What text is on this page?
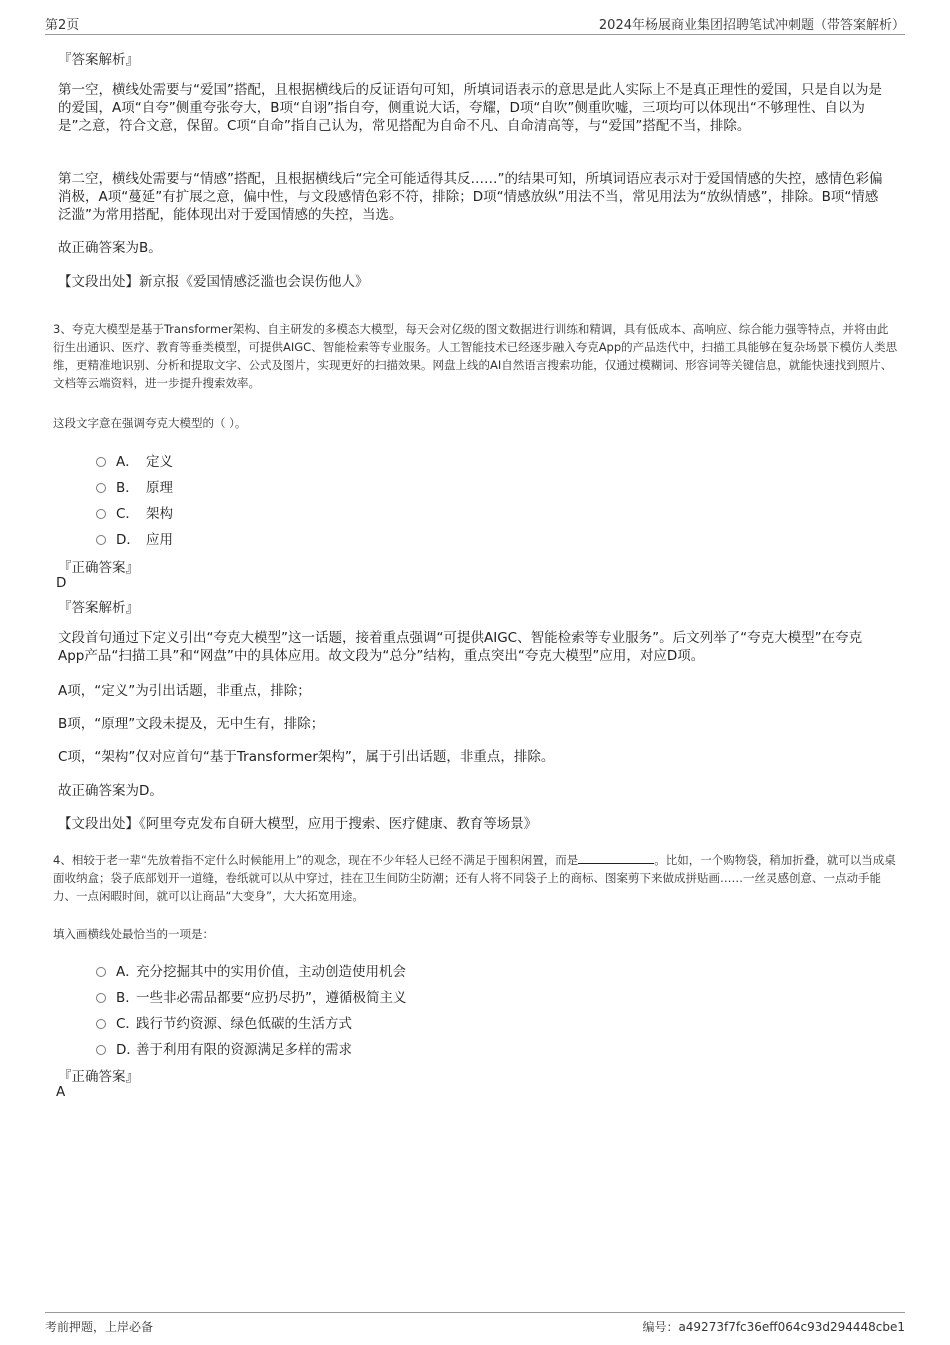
第2页	2024年杨展商业集团招聘笔试冲刺题（带答案解析）
『答案解析』
第一空，横线处需要与“爱国”搭配，且根据横线后的反证语句可知，所填词语表示的意思是此人实际上不是真正理性的爱国，只是自以为是的爱国，A项“自夸”侧重夸张夸大，B项“自诩”指自夸，侧重说大话，夸耀，D项“自吹”侧重吹嘘，三项均可以体现出“不够理性、自以为是”之意，符合文意，保留。C项“自命”指自己认为，常见搭配为自命不凡、自命清高等，与“爱国”搭配不当，排除。
第二空，横线处需要与“情感”搭配，且根据横线后“完全可能适得其反……”的结果可知，所填词语应表示对于爱国情感的失控，感情色彩偏消极，A项“蔓延”有扩展之意，偏中性，与文段感情色彩不符，排除；D项“情感放纵”用法不当，常见用法为“放纵情感”，排除。B项“情感泛滥”为常用搭配，能体现出对于爱国情感的失控，当选。
故正确答案为B。
【文段出处】新京报《爱国情感泛滥也会误伤他人》
3、夸克大模型是基于Transformer架构、自主研发的多模态大模型，每天会对亿级的图文数据进行训练和精调，具有低成本、高响应、综合能力强等特点，并将由此衍生出通识、医疗、教育等垂类模型，可提供AIGC、智能检索等专业服务。人工智能技术已经逐步融入夸克App的产品迭代中，扫描工具能够在复杂场景下模仿人类思维，更精准地识别、分析和提取文字、公式及图片，实现更好的扫描效果。网盘上线的AI自然语言搜索功能，仅通过模糊词、形容词等关键信息，就能快速找到照片、文档等云端资料，进一步提升搜索效率。
这段文字意在强调夸克大模型的（ ）。
A． 定义
B． 原理
C． 架构
D． 应用
『正确答案』
D
『答案解析』
文段首句通过下定义引出“夸克大模型”这一话题，接着重点强调“可提供AIGC、智能检索等专业服务”。后文列举了“夸克大模型”在夸克App产品“扫描工具”和“网盘”中的具体应用。故文段为“总分”结构，重点突出“夸克大模型”应用，对应D项。
A项，“定义”为引出话题，非重点，排除；
B项，“原理”文段未提及，无中生有，排除；
C项，“架构”仅对应首句“基于Transformer架构”，属于引出话题，非重点，排除。
故正确答案为D。
【文段出处】《阿里夸克发布自研大模型，应用于搜索、医疗健康、教育等场景》
4、相较于老一辈“先放着指不定什么时候能用上”的观念，现在不少年轻人已经不满足于囤积闲置，而是	。比如，一个购物袋，稍加折叠，就可以当成桌面收纳盒；袋子底部划开一道缝，卷纸就可以从中穿过，挂在卫生间防尘防潮；还有人将不同袋子上的商标、图案剪下来做成拼贴画……一丝灵感创意、一点动手能力、一点闲暇时间，就可以让商品“大变身”，大大拓宽用途。
填入画横线处最恰当的一项是：
A．
充分挖掘其中的实用价值，主动创造使用机会
B．
一些非必需品都要“应扔尽扔”，遵循极简主义
C．
践行节约资源、绿色低碳的生活方式
D．
善于利用有限的资源满足多样的需求
『正确答案』
A
考前押题，上岸必备	编号：a49273f7fc36eff064c93d294448cbe1
